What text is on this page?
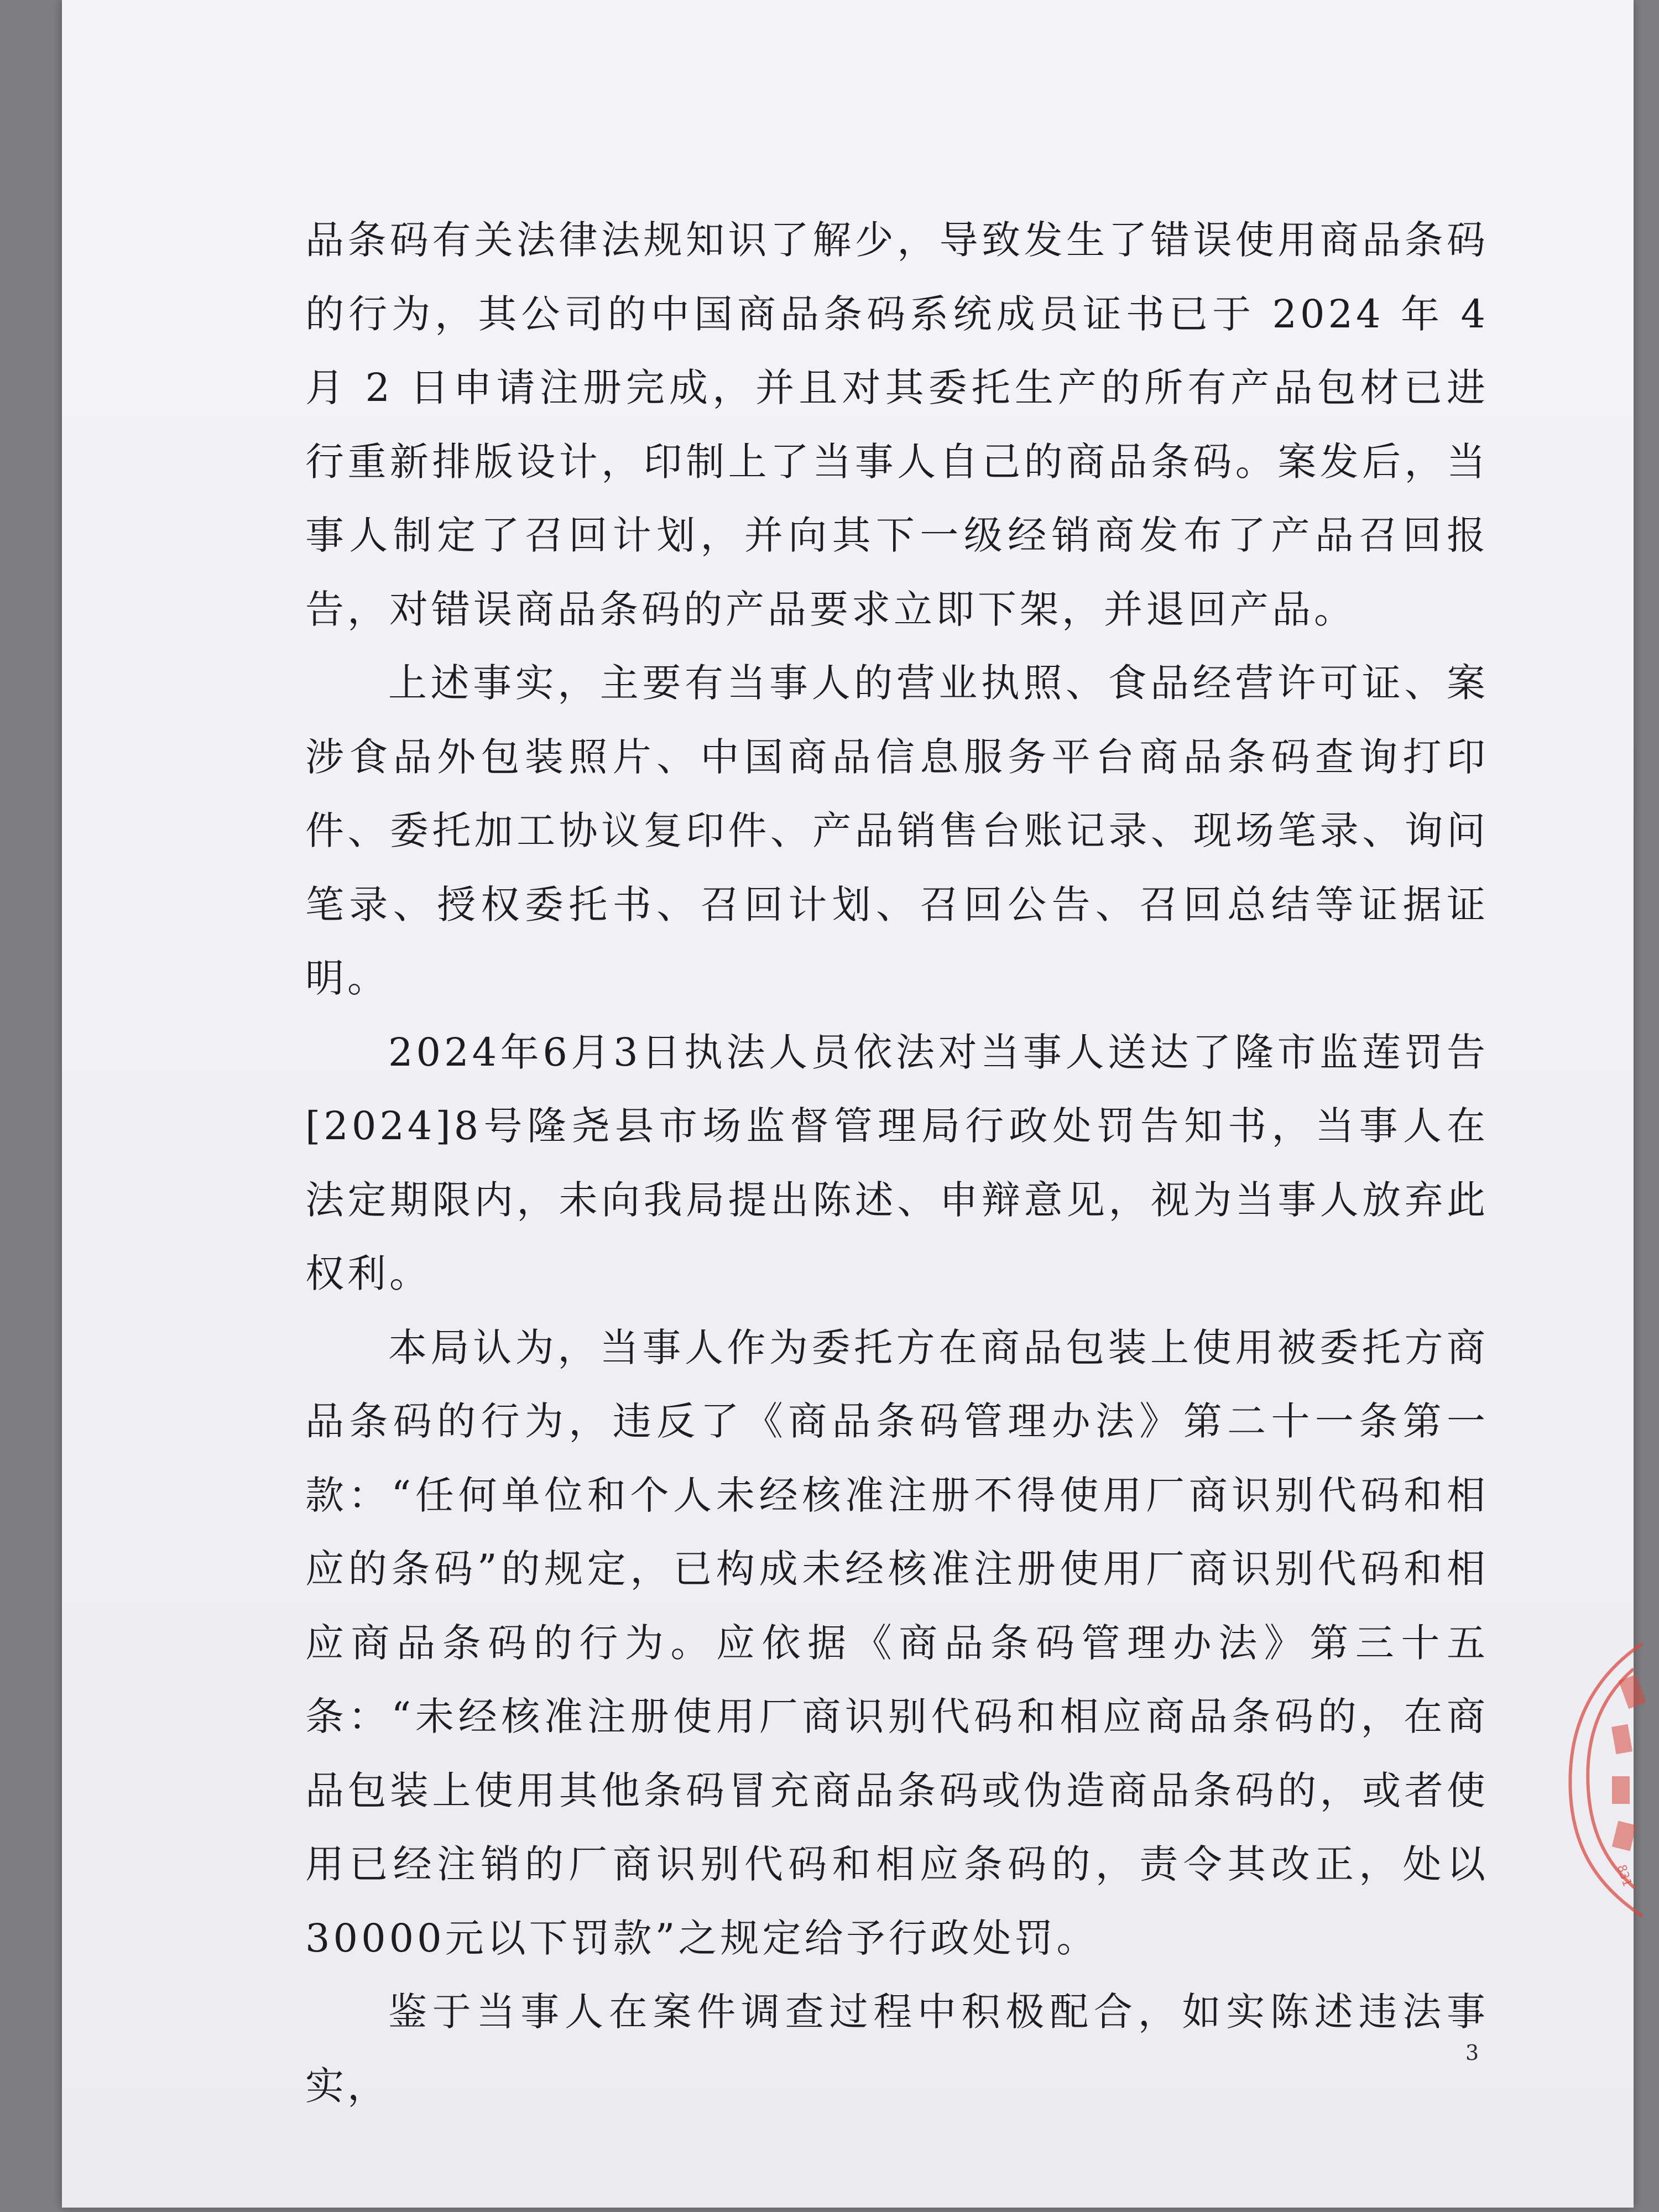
品条码有关法律法规知识了解少，导致发生了错误使用商品条码的行为，其公司的中国商品条码系统成员证书已于 2024 年 4 月 2 日申请注册完成，并且对其委托生产的所有产品包材已进行重新排版设计，印制上了当事人自己的商品条码。案发后，当事人制定了召回计划，并向其下一级经销商发布了产品召回报告，对错误商品条码的产品要求立即下架，并退回产品。

上述事实，主要有当事人的营业执照、食品经营许可证、案涉食品外包装照片、中国商品信息服务平台商品条码查询打印件、委托加工协议复印件、产品销售台账记录、现场笔录、询问笔录、授权委托书、召回计划、召回公告、召回总结等证据证明。

2024年6月3日执法人员依法对当事人送达了隆市监莲罚告[2024]8号隆尧县市场监督管理局行政处罚告知书，当事人在法定期限内，未向我局提出陈述、申辩意见，视为当事人放弃此权利。

本局认为，当事人作为委托方在商品包装上使用被委托方商品条码的行为，违反了《商品条码管理办法》第二十一条第一款：“任何单位和个人未经核准注册不得使用厂商识别代码和相应的条码”的规定，已构成未经核准注册使用厂商识别代码和相应商品条码的行为。应依据《商品条码管理办法》第三十五条：“未经核准注册使用厂商识别代码和相应商品条码的，在商品包装上使用其他条码冒充商品条码或伪造商品条码的，或者使用已经注销的厂商识别代码和相应条码的，责令其改正，处以30000元以下罚款”之规定给予行政处罚。

鉴于当事人在案件调查过程中积极配合，如实陈述违法事实，

3
831
